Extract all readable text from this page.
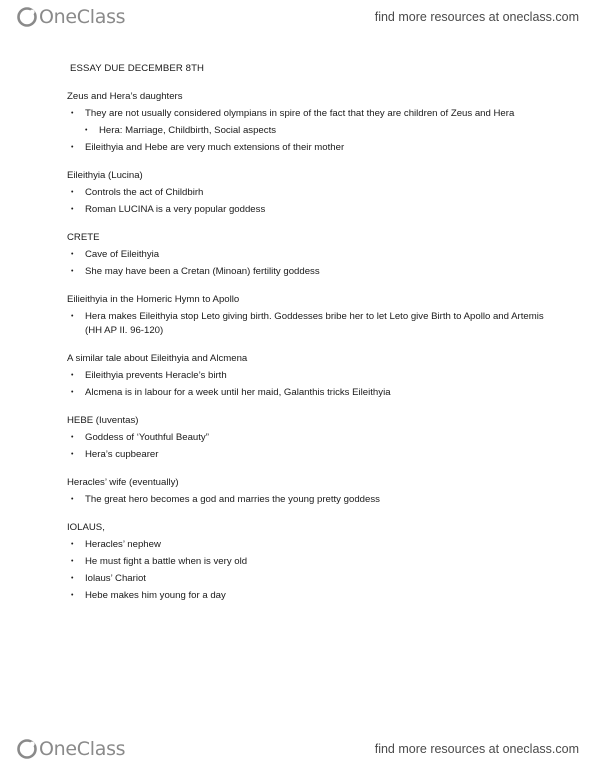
OneClass	find more resources at oneclass.com
ESSAY DUE DECEMBER 8TH
Zeus and Hera’s daughters
• They are not usually considered olympians in spire of the fact that they are children of Zeus and Hera
• Hera: Marriage, Childbirth, Social aspects
• Eileithyia and Hebe are very much extensions of their mother
Eileithyia (Lucina)
• Controls the act of Childbirh
• Roman LUCINA is a very popular goddess
CRETE
• Cave of Eileithyia
• She may have been a Cretan (Minoan) fertility goddess
Eilieithyia in the Homeric Hymn to Apollo
• Hera makes Eileithyia stop Leto giving birth. Goddesses bribe her to let Leto give Birth to Apollo and Artemis (HH AP II. 96-120)
A similar tale about Eileithyia and Alcmena
• Eileithyia prevents Heracle’s birth
• Alcmena is in labour for a week until her maid, Galanthis tricks Eileithyia
HEBE (Iuventas)
• Goddess of ‘Youthful Beauty”
• Hera’s cupbearer
Heracles’ wife (eventually)
• The great hero becomes a god and marries the young pretty goddess
IOLAUS,
• Heracles’ nephew
• He must fight a battle when is very old
• Iolaus’ Chariot
• Hebe makes him young for a day
OneClass	find more resources at oneclass.com
